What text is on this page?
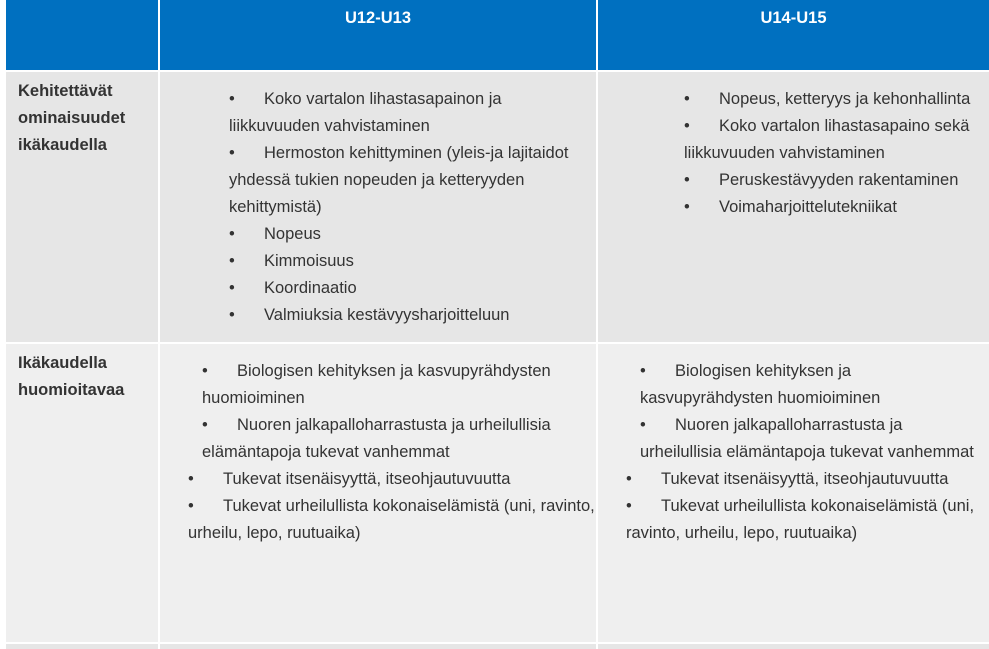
U12-U13	U14-U15
Kehitettävät ominaisuudet ikäkaudella
• Koko vartalon lihastasapainon ja liikkuvuuden vahvistaminen
• Hermoston kehittyminen (yleis-ja lajitaidot yhdessä tukien nopeuden ja ketteryyden kehittymistä)
• Nopeus
• Kimmoisuus
• Koordinaatio
• Valmiuksia kestävyysharjoitteluun
• Nopeus, ketteryys ja kehonhallinta
• Koko vartalon lihastasapaino sekä liikkuvuuden vahvistaminen
• Peruskestävyyden rakentaminen
• Voimaharjoittelutekniikat
Ikäkaudella huomioitavaa
• Biologisen kehityksen ja kasvupyrähdysten huomioiminen
• Nuoren jalkapalloharrastusta ja urheilullisia elämäntapoja tukevat vanhemmat
• Tukevat itsenäisyyttä, itseohjautuvuutta
• Tukevat urheilullista kokonaiselämistä (uni, ravinto, urheilu, lepo, ruutuaika)
• Biologisen kehityksen ja kasvupyrähdysten huomioiminen
• Nuoren jalkapalloharrastusta ja urheilullisia elämäntapoja tukevat vanhemmat
• Tukevat itsenäisyyttä, itseohjautuvuutta
• Tukevat urheilullista kokonaiselämistä (uni, ravinto, urheilu, lepo, ruutuaika)
